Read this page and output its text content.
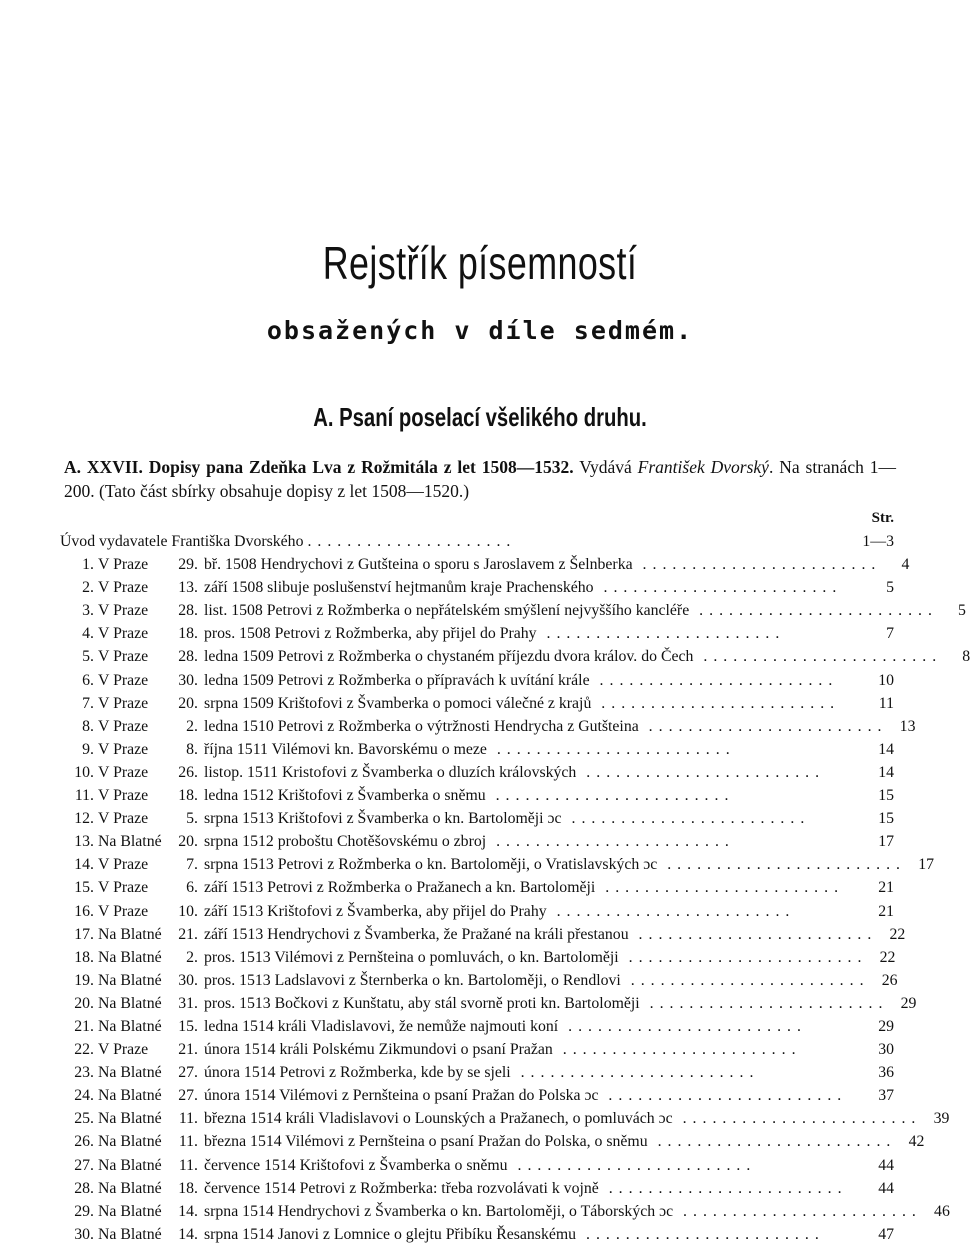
Rejstřík písemností
obsažených v díle sedmém.
A. Psaní poselací všelikého druhu.
A. XXVII. Dopisy pana Zdeňka Lva z Rožmitála z let 1508—1532. Vydává František Dvorský. Na stranách 1—200. (Tato část sbírky obsahuje dopisy z let 1508—1520.)
Str.
Úvod vydavatele Františka Dvorského .....................	1—3
1. V Praze	29. bř. 1508 Hendrychovi z Gutšteina o sporu s Jaroslavem z Šelnberka ........................	4
2. V Praze	13. září 1508 slibuje poslušenství hejtmanům kraje Prachenského ........................	5
3. V Praze	28. list. 1508 Petrovi z Rožmberka o nepřátelském smýšlení nejvyššího kancléře ........................	5
4. V Praze	18. pros. 1508 Petrovi z Rožmberka, aby přijel do Prahy ........................	7
5. V Praze	28. ledna 1509 Petrovi z Rožmberka o chystaném příjezdu dvora králov. do Čech ........................	8
6. V Praze	30. ledna 1509 Petrovi z Rožmberka o přípravách k uvítání krále ........................	10
7. V Praze	20. srpna 1509 Krištofovi z Švamberka o pomoci válečné z krajů ........................	11
8. V Praze	2. ledna 1510 Petrovi z Rožmberka o výtržnosti Hendrycha z Gutšteina ........................ 13
9. V Praze	8. října 1511 Vilémovi kn. Bavorskému o meze ........................	14
10. V Praze	26. listop. 1511 Kristofovi z Švamberka o dluzích královských ........................	14
11. V Praze	18. ledna 1512 Krištofovi z Švamberka o sněmu ........................	15
12. V Praze	5. srpna 1513 Krištofovi z Švamberka o kn. Bartoloměji ɔc ........................	15
13. Na Blatné	20. srpna 1512 proboštu Chotěšovskému o zbroj ........................	17
14. V Praze	7. srpna 1513 Petrovi z Rožmberka o kn. Bartoloměji, o Vratislavských ɔc ........................ 17
15. V Praze	6. září 1513 Petrovi z Rožmberka o Pražanech a kn. Bartoloměji ........................	21
16. V Praze	10. září 1513 Krištofovi z Švamberka, aby přijel do Prahy ........................	21
17. Na Blatné	21. září 1513 Hendrychovi z Švamberka, že Pražané na králi přestanou ........................ 22
18. Na Blatné	2. pros. 1513 Vilémovi z Pernšteina o pomluvách, o kn. Bartoloměji ........................ 22
19. Na Blatné	30. pros. 1513 Ladslavovi z Šternberka o kn. Bartoloměji, o Rendlovi ........................ 26
20. Na Blatné	31. pros. 1513 Bočkovi z Kunštatu, aby stál svorně proti kn. Bartoloměji ........................ 29
21. Na Blatné	15. ledna 1514 králi Vladislavovi, že nemůže najmouti koní ........................	29
22. V Praze	21. února 1514 králi Polskému Zikmundovi o psaní Pražan ........................	30
23. Na Blatné	27. února 1514 Petrovi z Rožmberka, kde by se sjeli ........................	36
24. Na Blatné	27. února 1514 Vilémovi z Pernšteina o psaní Pražan do Polska ɔc ........................	37
25. Na Blatné	11. března 1514 králi Vladislavovi o Lounských a Pražanech, o pomluvách ɔc ........................ 39
26. Na Blatné	11. března 1514 Vilémovi z Pernšteina o psaní Pražan do Polska, o sněmu ........................ 42
27. Na Blatné	11. července 1514 Krištofovi z Švamberka o sněmu ........................	44
28. Na Blatné	18. července 1514 Petrovi z Rožmberka: třeba rozvolávati k vojně ........................	44
29. Na Blatné	14. srpna 1514 Hendrychovi z Švamberka o kn. Bartoloměji, o Táborských ɔc ........................ 46
30. Na Blatné	14. srpna 1514 Janovi z Lomnice o glejtu Přibíku Řesanskému ........................	47
